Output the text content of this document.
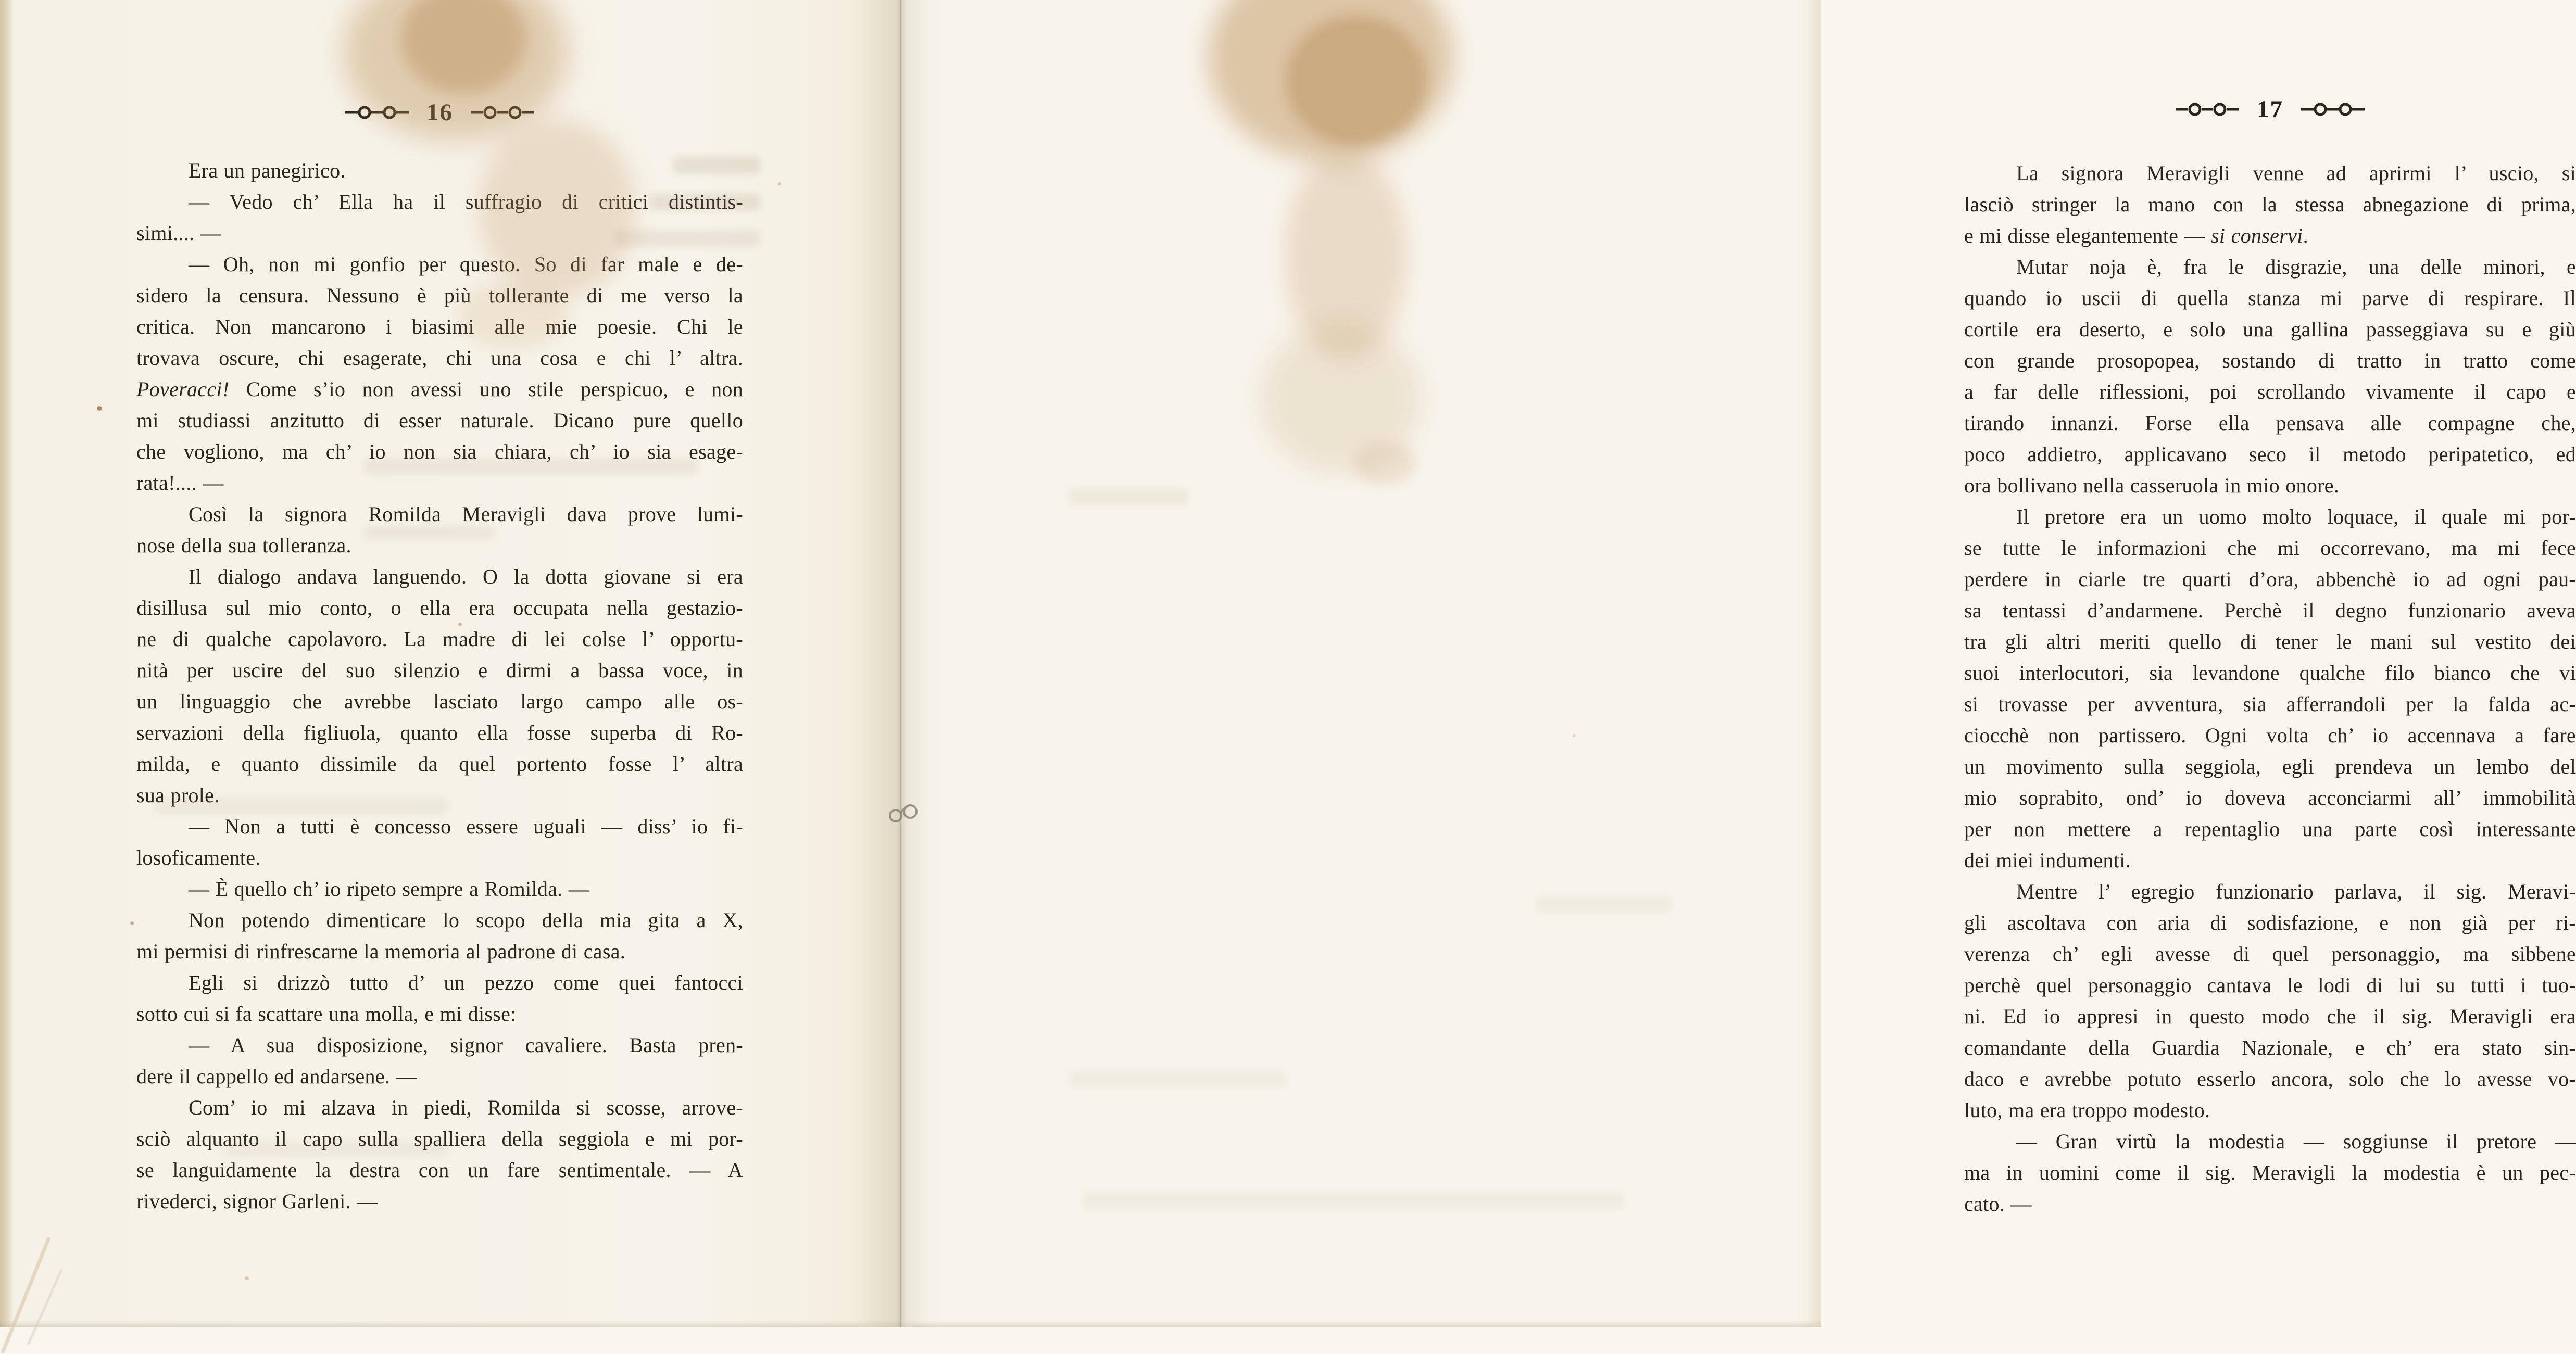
16
Era un panegirico.
— Vedo ch’ Ella ha il suffragio di critici distintis-
simi.... —
— Oh, non mi gonfio per questo. So di far male e de-
sidero la censura. Nessuno è più tollerante di me verso la
critica. Non mancarono i biasimi alle mie poesie. Chi le
trovava oscure, chi esagerate, chi una cosa e chi l’ altra.
Poveracci! Come s’io non avessi uno stile perspicuo, e non
mi studiassi anzitutto di esser naturale. Dicano pure quello
che vogliono, ma ch’ io non sia chiara, ch’ io sia esage-
rata!.... —
Così la signora Romilda Meravigli dava prove lumi-
nose della sua tolleranza.
Il dialogo andava languendo. O la dotta giovane si era
disillusa sul mio conto, o ella era occupata nella gestazio-
ne di qualche capolavoro. La madre di lei colse l’ opportu-
nità per uscire del suo silenzio e dirmi a bassa voce, in
un linguaggio che avrebbe lasciato largo campo alle os-
servazioni della figliuola, quanto ella fosse superba di Ro-
milda, e quanto dissimile da quel portento fosse l’ altra
sua prole.
— Non a tutti è concesso essere uguali — diss’ io fi-
losoficamente.
— È quello ch’ io ripeto sempre a Romilda. —
Non potendo dimenticare lo scopo della mia gita a X,
mi permisi di rinfrescarne la memoria al padrone di casa.
Egli si drizzò tutto d’ un pezzo come quei fantocci
sotto cui si fa scattare una molla, e mi disse:
— A sua disposizione, signor cavaliere. Basta pren-
dere il cappello ed andarsene. —
Com’ io mi alzava in piedi, Romilda si scosse, arrove-
sciò alquanto il capo sulla spalliera della seggiola e mi por-
se languidamente la destra con un fare sentimentale. — A
rivederci, signor Garleni. —
17
La signora Meravigli venne ad aprirmi l’ uscio, si
lasciò stringer la mano con la stessa abnegazione di prima,
e mi disse elegantemente — si conservi.
Mutar noja è, fra le disgrazie, una delle minori, e
quando io uscii di quella stanza mi parve di respirare. Il
cortile era deserto, e solo una gallina passeggiava su e giù
con grande prosopopea, sostando di tratto in tratto come
a far delle riflessioni, poi scrollando vivamente il capo e
tirando innanzi. Forse ella pensava alle compagne che,
poco addietro, applicavano seco il metodo peripatetico, ed
ora bollivano nella casseruola in mio onore.
Il pretore era un uomo molto loquace, il quale mi por-
se tutte le informazioni che mi occorrevano, ma mi fece
perdere in ciarle tre quarti d’ora, abbenchè io ad ogni pau-
sa tentassi d’andarmene. Perchè il degno funzionario aveva
tra gli altri meriti quello di tener le mani sul vestito dei
suoi interlocutori, sia levandone qualche filo bianco che vi
si trovasse per avventura, sia afferrandoli per la falda ac-
ciocchè non partissero. Ogni volta ch’ io accennava a fare
un movimento sulla seggiola, egli prendeva un lembo del
mio soprabito, ond’ io doveva acconciarmi all’ immobilità
per non mettere a repentaglio una parte così interessante
dei miei indumenti.
Mentre l’ egregio funzionario parlava, il sig. Meravi-
gli ascoltava con aria di sodisfazione, e non già per ri-
verenza ch’ egli avesse di quel personaggio, ma sibbene
perchè quel personaggio cantava le lodi di lui su tutti i tuo-
ni. Ed io appresi in questo modo che il sig. Meravigli era
comandante della Guardia Nazionale, e ch’ era stato sin-
daco e avrebbe potuto esserlo ancora, solo che lo avesse vo-
luto, ma era troppo modesto.
— Gran virtù la modestia — soggiunse il pretore —
ma in uomini come il sig. Meravigli la modestia è un pec-
cato. —
